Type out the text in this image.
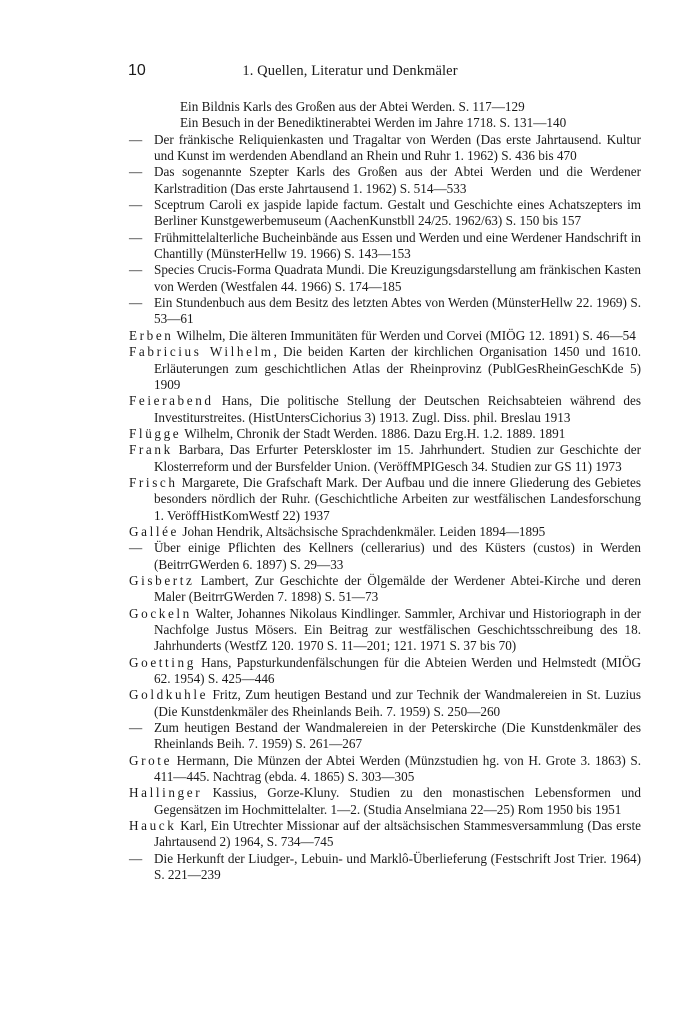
10	1. Quellen, Literatur und Denkmäler

Ein Bildnis Karls des Großen aus der Abtei Werden. S. 117—129

Ein Besuch in der Benediktinerabtei Werden im Jahre 1718. S. 131—140

— Der fränkische Reliquienkasten und Tragaltar von Werden (Das erste Jahrtausend. Kultur und Kunst im werdenden Abendland an Rhein und Ruhr 1. 1962) S. 436 bis 470

— Das sogenannte Szepter Karls des Großen aus der Abtei Werden und die Werdener Karlstradition (Das erste Jahrtausend 1. 1962) S. 514—533

— Sceptrum Caroli ex jaspide lapide factum. Gestalt und Geschichte eines Achatszepters im Berliner Kunstgewerbemuseum (AachenKunstbll 24/25. 1962/63) S. 150 bis 157

— Frühmittelalterliche Bucheinbände aus Essen und Werden und eine Werdener Handschrift in Chantilly (MünsterHellw 19. 1966) S. 143—153

— Species Crucis-Forma Quadrata Mundi. Die Kreuzigungsdarstellung am fränkischen Kasten von Werden (Westfalen 44. 1966) S. 174—185

— Ein Stundenbuch aus dem Besitz des letzten Abtes von Werden (MünsterHellw 22. 1969) S. 53—61

Erben Wilhelm, Die älteren Immunitäten für Werden und Corvei (MIÖG 12. 1891) S. 46—54

Fabricius Wilhelm, Die beiden Karten der kirchlichen Organisation 1450 und 1610. Erläuterungen zum geschichtlichen Atlas der Rheinprovinz (PublGesRheinGeschKde 5) 1909

Feierabend Hans, Die politische Stellung der Deutschen Reichsabteien während des Investiturstreites. (HistUntersCichorius 3) 1913. Zugl. Diss. phil. Breslau 1913

Flügge Wilhelm, Chronik der Stadt Werden. 1886. Dazu Erg.H. 1.2. 1889. 1891

Frank Barbara, Das Erfurter Peterskloster im 15. Jahrhundert. Studien zur Geschichte der Klosterreform und der Bursfelder Union. (VeröffMPIGesch 34. Studien zur GS 11) 1973

Frisch Margarete, Die Grafschaft Mark. Der Aufbau und die innere Gliederung des Gebietes besonders nördlich der Ruhr. (Geschichtliche Arbeiten zur westfälischen Landesforschung 1. VeröffHistKomWestf 22) 1937

Gallée Johan Hendrik, Altsächsische Sprachdenkmäler. Leiden 1894—1895

— Über einige Pflichten des Kellners (cellerarius) und des Küsters (custos) in Werden (BeitrrGWerden 6. 1897) S. 29—33

Gisbertz Lambert, Zur Geschichte der Ölgemälde der Werdener Abtei-Kirche und deren Maler (BeitrrGWerden 7. 1898) S. 51—73

Gockeln Walter, Johannes Nikolaus Kindlinger. Sammler, Archivar und Historiograph in der Nachfolge Justus Mösers. Ein Beitrag zur westfälischen Geschichtsschreibung des 18. Jahrhunderts (WestfZ 120. 1970 S. 11—201; 121. 1971 S. 37 bis 70)

Goetting Hans, Papsturkundenfälschungen für die Abteien Werden und Helmstedt (MIÖG 62. 1954) S. 425—446

Goldkuhle Fritz, Zum heutigen Bestand und zur Technik der Wandmalereien in St. Luzius (Die Kunstdenkmäler des Rheinlands Beih. 7. 1959) S. 250—260

— Zum heutigen Bestand der Wandmalereien in der Peterskirche (Die Kunstdenkmäler des Rheinlands Beih. 7. 1959) S. 261—267

Grote Hermann, Die Münzen der Abtei Werden (Münzstudien hg. von H. Grote 3. 1863) S. 411—445. Nachtrag (ebda. 4. 1865) S. 303—305

Hallinger Kassius, Gorze-Kluny. Studien zu den monastischen Lebensformen und Gegensätzen im Hochmittelalter. 1—2. (Studia Anselmiana 22—25) Rom 1950 bis 1951

Hauck Karl, Ein Utrechter Missionar auf der altsächsischen Stammesversammlung (Das erste Jahrtausend 2) 1964, S. 734—745

— Die Herkunft der Liudger-, Lebuin- und Marklô-Überlieferung (Festschrift Jost Trier. 1964) S. 221—239
